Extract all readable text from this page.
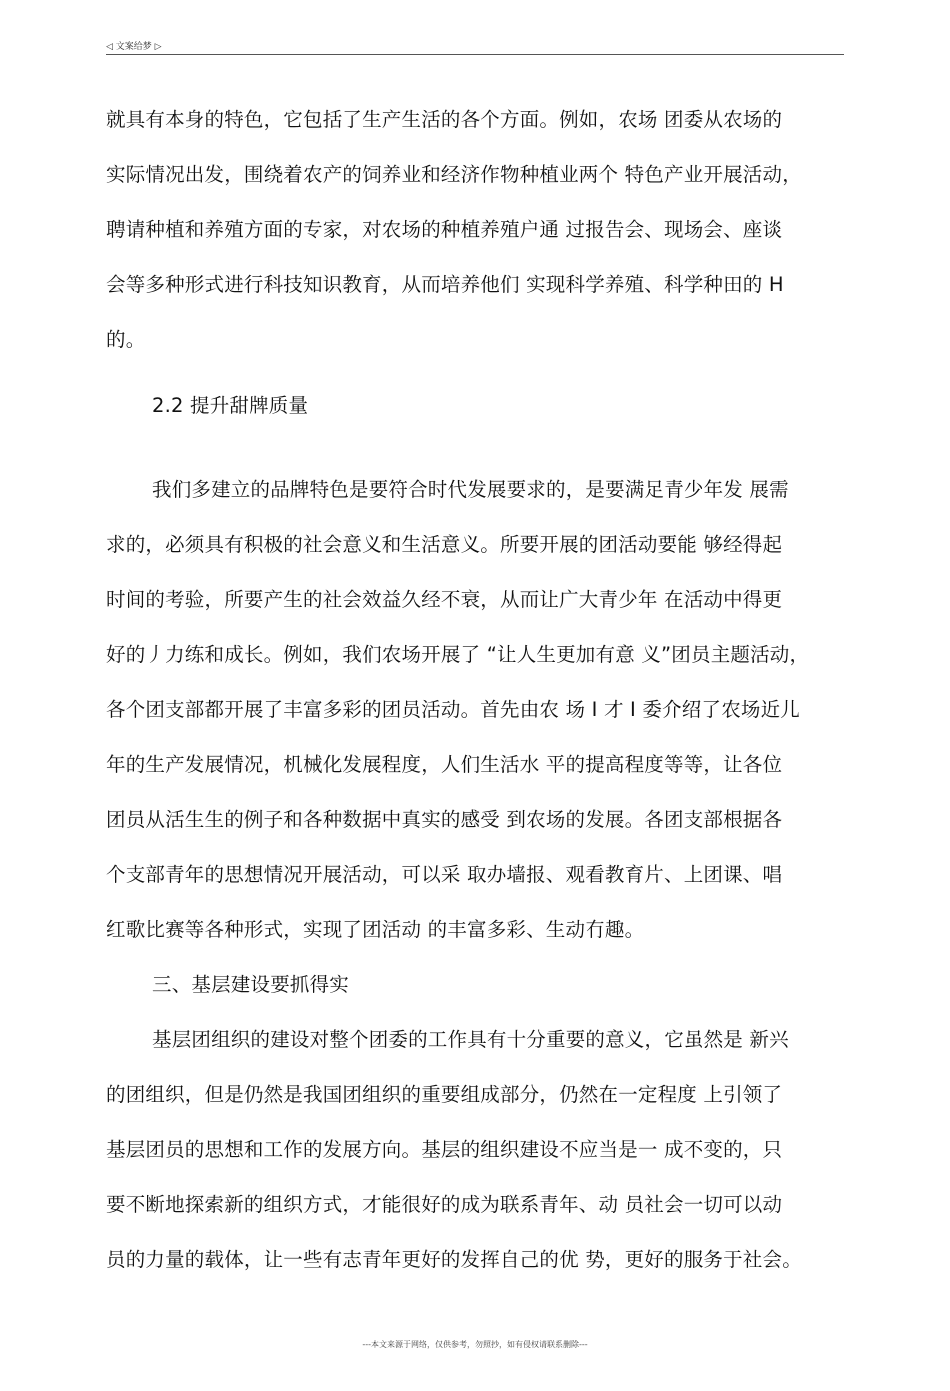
◁ 文案给梦 ▷
就具有本身的特色，它包括了生产生活的各个方面。例如，农场 团委从农场的
实际情况出发，围绕着农产的饲养业和经济作物种植业两个 特色产业开展活动，
聘请种植和养殖方面的专家，对农场的种植养殖户通 过报告会、现场会、座谈
会等多种形式进行科技知识教育，从而培养他们 实现科学养殖、科学种田的 H
的。
2.2 提升甜牌质量
我们多建立的品牌特色是要符合时代发展要求的，是要满足青少年发 展需
求的，必须具有积极的社会意义和生活意义。所要开展的团活动要能 够经得起
时间的考验，所要产生的社会效益久经不衰，从而让广大青少年 在活动中得更
好的丿力练和成长。例如，我们农场开展了 “让人生更加有意 义”团员主题活动，
各个团支部都开展了丰富多彩的团员活动。首先由农 场 I 才 I 委介绍了农场近儿
年的生产发展情况，机械化发展程度，人们生活水 平的提高程度等等，让各位
团员从活生生的例子和各种数据中真实的感受 到农场的发展。各团支部根据各
个支部青年的思想情况开展活动，可以采 取办墙报、观看教育片、上团课、唱
红歌比赛等各种形式，实现了团活动 的丰富多彩、生动冇趣。
三、基层建设要抓得实
基层团组织的建设对整个团委的工作具有十分重要的意义，它虽然是 新兴
的团组织，但是仍然是我国团组织的重要组成部分，仍然在一定程度 上引领了
基层团员的思想和工作的发展方向。基层的组织建设不应当是一 成不变的，只
要不断地探索新的组织方式，才能很好的成为联系青年、动 员社会一切可以动
员的力量的载体，让一些有志青年更好的发挥自己的优 势，更好的服务于社会。
---本文来源于网络，仅供参考，勿照抄，如有侵权请联系删除---
